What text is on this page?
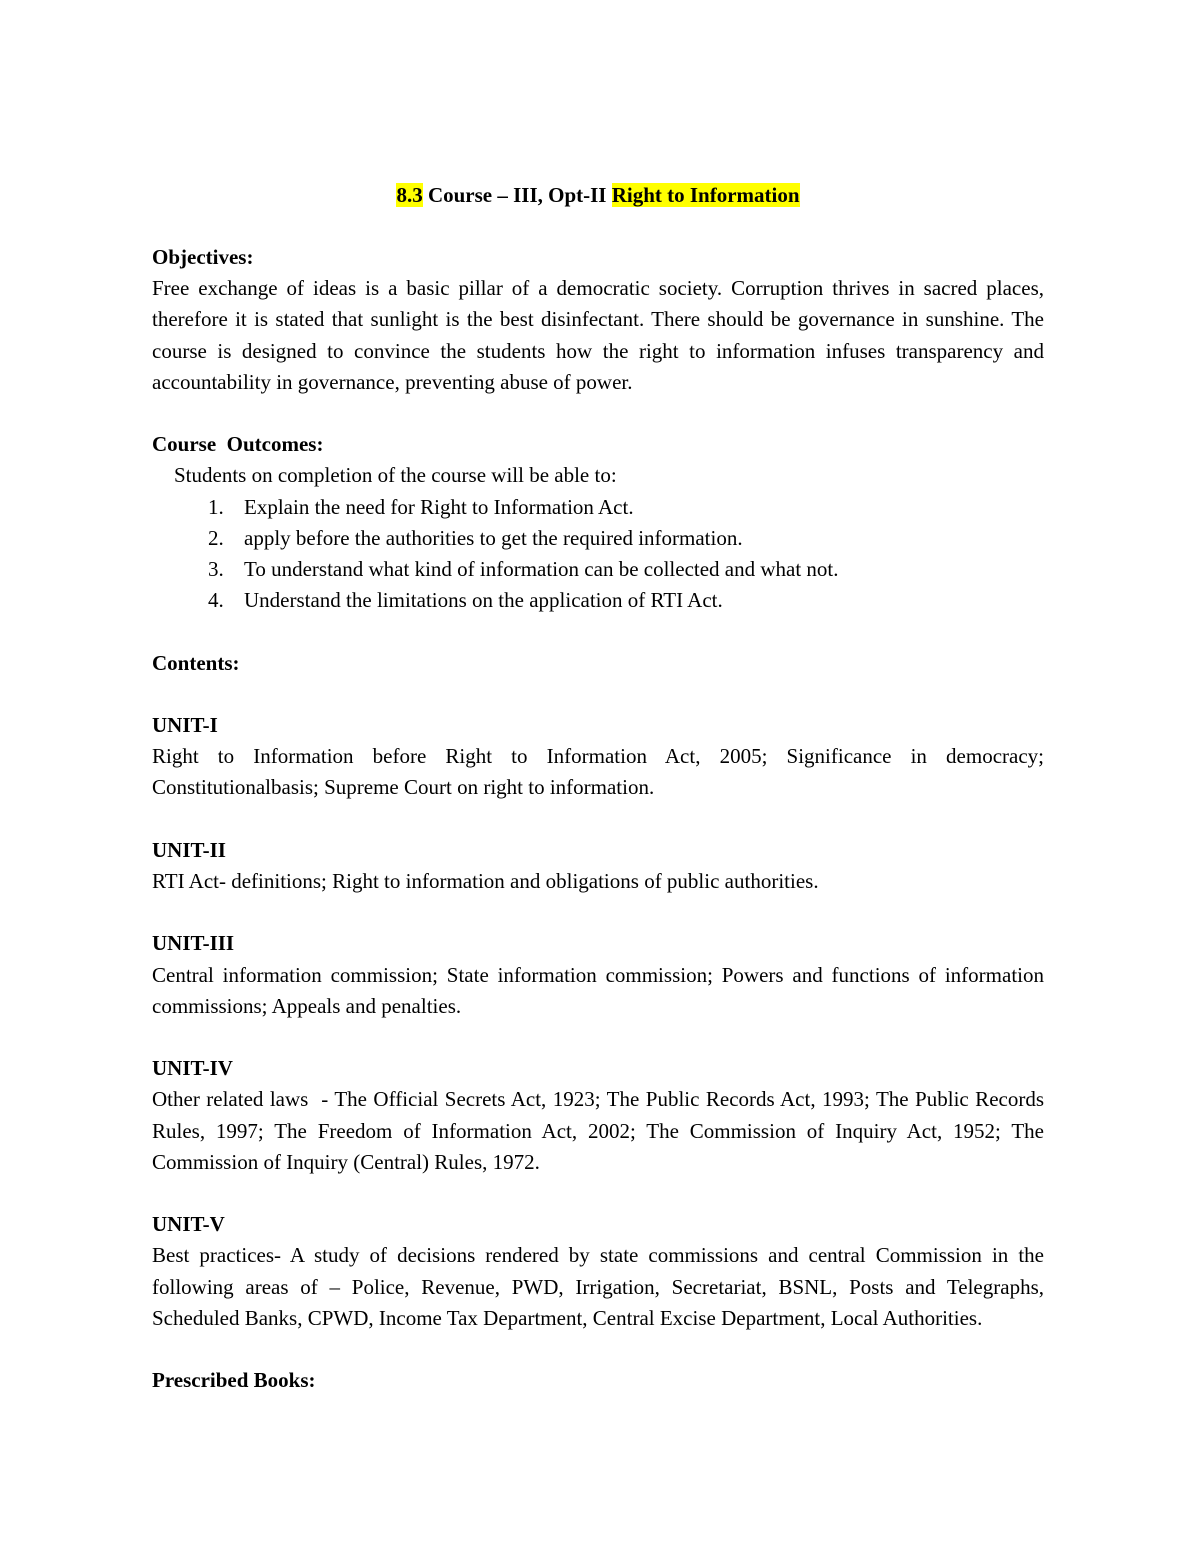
8.3 Course – III, Opt-II Right to Information

Objectives:

Free exchange of ideas is a basic pillar of a democratic society. Corruption thrives in sacred places, therefore it is stated that sunlight is the best disinfectant. There should be governance in sunshine. The course is designed to convince the students how the right to information infuses transparency and accountability in governance, preventing abuse of power.

Course  Outcomes:

Students on completion of the course will be able to:

1. Explain the need for Right to Information Act.
2. apply before the authorities to get the required information.
3. To understand what kind of information can be collected and what not.
4. Understand the limitations on the application of RTI Act.

Contents:

UNIT-I

Right to Information before Right to Information Act, 2005; Significance in democracy; Constitutionalbasis; Supreme Court on right to information.

UNIT-II

RTI Act- definitions; Right to information and obligations of public authorities.

UNIT-III

Central information commission; State information commission; Powers and functions of information commissions; Appeals and penalties.

UNIT-IV

Other related laws  - The Official Secrets Act, 1923; The Public Records Act, 1993; The Public Records Rules, 1997; The Freedom of Information Act, 2002; The Commission of Inquiry Act, 1952; The Commission of Inquiry (Central) Rules, 1972.

UNIT-V

Best practices- A study of decisions rendered by state commissions and central Commission in the following areas of – Police, Revenue, PWD, Irrigation, Secretariat, BSNL, Posts and Telegraphs, Scheduled Banks, CPWD, Income Tax Department, Central Excise Department, Local Authorities.

Prescribed Books:
